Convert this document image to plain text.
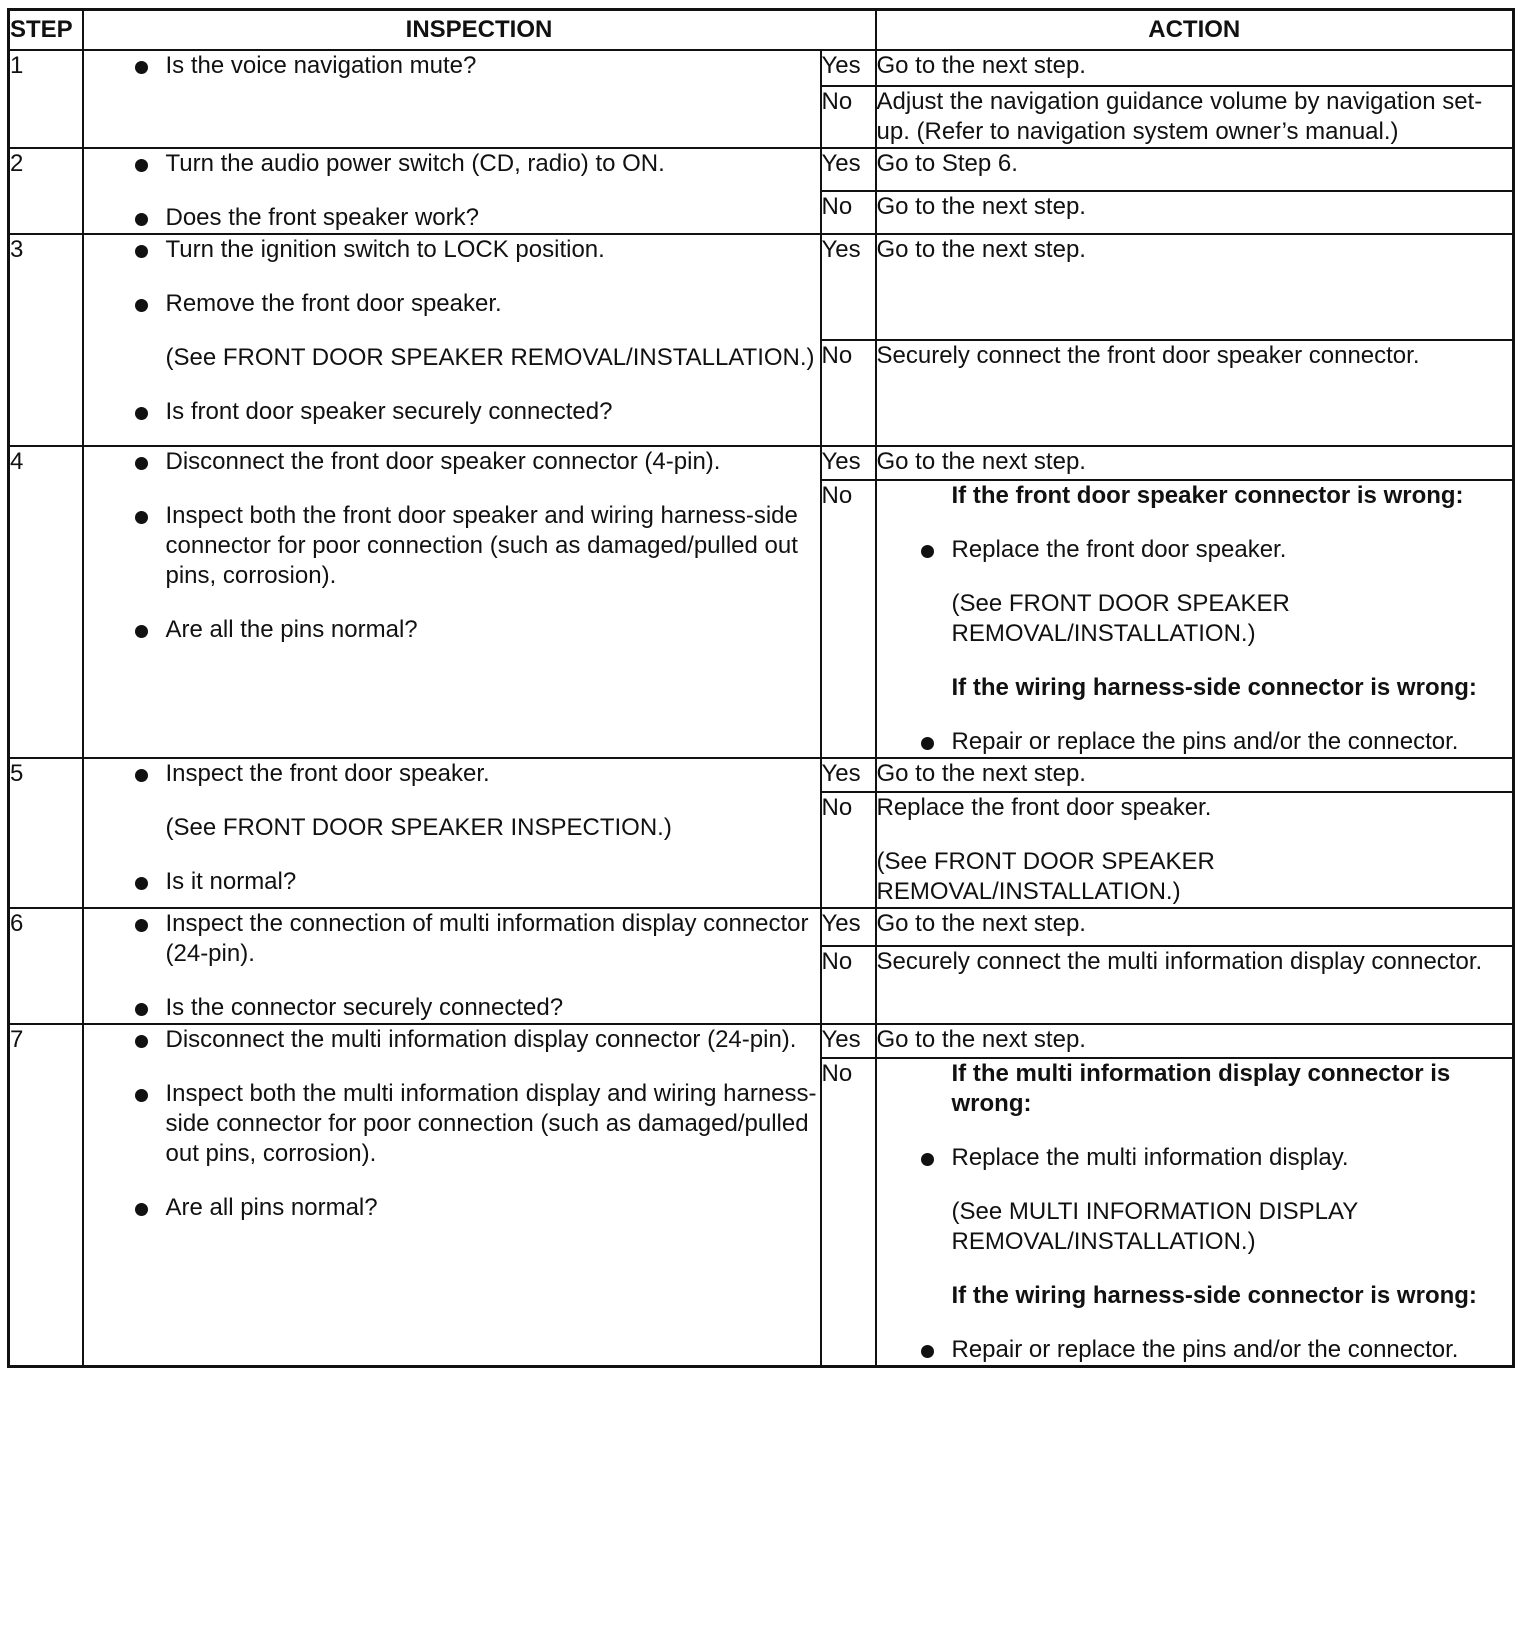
STEP	INSPECTION		ACTION
1	Is the voice navigation mute?	Yes	Go to the next step.
		No	Adjust the navigation guidance volume by navigation set-up. (Refer to navigation system owner’s manual.)
2	Turn the audio power switch (CD, radio) to ON.
Does the front speaker work?	Yes	Go to Step 6.
		No	Go to the next step.
3	Turn the ignition switch to LOCK position.
Remove the front door speaker.
(See FRONT DOOR SPEAKER REMOVAL/INSTALLATION.)
Is front door speaker securely connected?	Yes	Go to the next step.
		No	Securely connect the front door speaker connector.
4	Disconnect the front door speaker connector (4-pin).
Inspect both the front door speaker and wiring harness-side connector for poor connection (such as damaged/pulled out pins, corrosion).
Are all the pins normal?	Yes	Go to the next step.
		No	If the front door speaker connector is wrong:
Replace the front door speaker.
(See FRONT DOOR SPEAKER REMOVAL/INSTALLATION.)
If the wiring harness-side connector is wrong:
Repair or replace the pins and/or the connector.

5	Inspect the front door speaker.
(See FRONT DOOR SPEAKER INSPECTION.)
Is it normal?	Yes	Go to the next step.
		No	Replace the front door speaker.
(See FRONT DOOR SPEAKER REMOVAL/INSTALLATION.)

6	Inspect the connection of multi information display connector (24-pin).
Is the connector securely connected?	Yes	Go to the next step.
		No	Securely connect the multi information display connector.
7	Disconnect the multi information display connector (24-pin).
Inspect both the multi information display and wiring harness-side connector for poor connection (such as damaged/pulled out pins, corrosion).
Are all pins normal?	Yes	Go to the next step.
		No	If the multi information display connector is wrong:
Replace the multi information display.
(See MULTI INFORMATION DISPLAY REMOVAL/INSTALLATION.)
If the wiring harness-side connector is wrong:
Repair or replace the pins and/or the connector.
